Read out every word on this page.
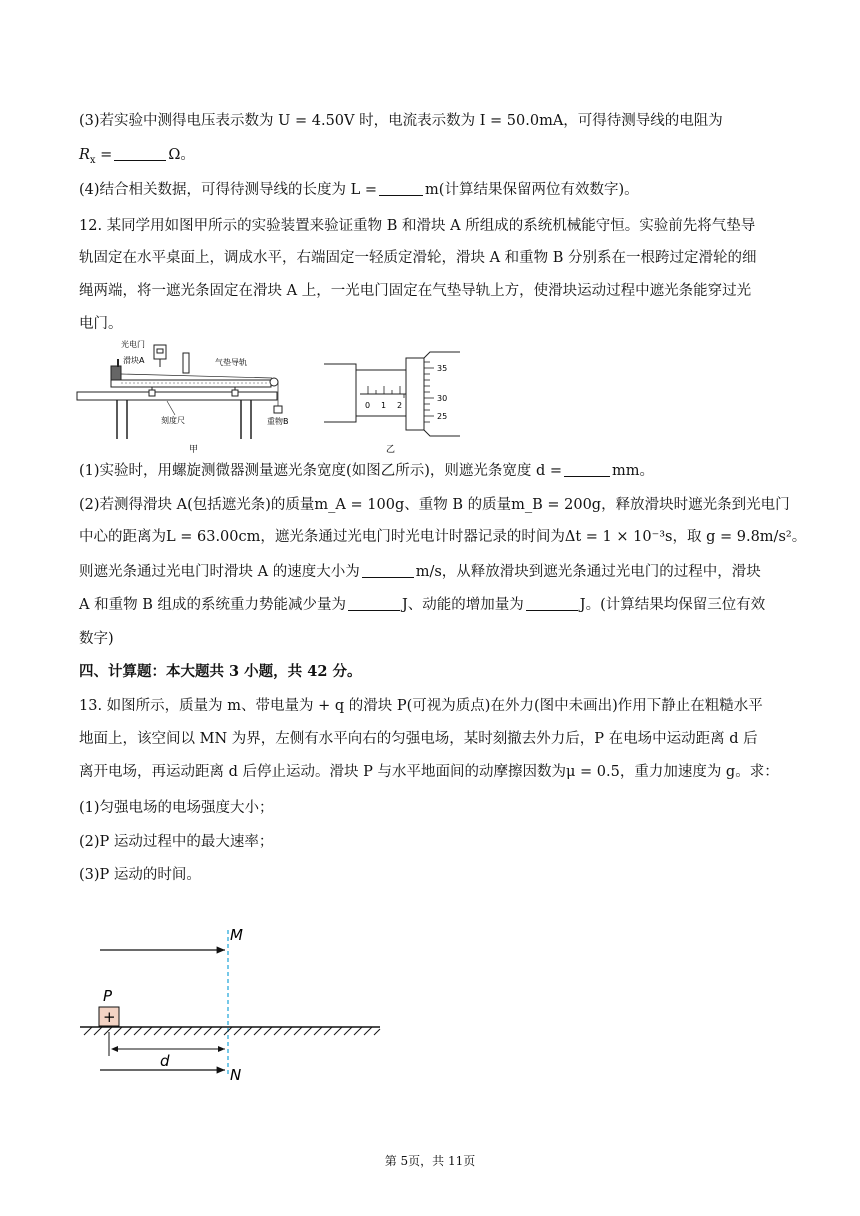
(3)若实验中测得电压表示数为 U = 4.50V 时，电流表示数为 I = 50.0mA，可得待测导线的电阻为
$R_x$ =	Ω。
(4)结合相关数据，可得待测导线的长度为 L =	m(计算结果保留两位有效数字)。
12. 某同学用如图甲所示的实验装置来验证重物 B 和滑块 A 所组成的系统机械能守恒。实验前先将气垫导
轨固定在水平桌面上，调成水平，右端固定一轻质定滑轮，滑块 A 和重物 B 分别系在一根跨过定滑轮的细
绳两端，将一遮光条固定在滑块 A 上，一光电门固定在气垫导轨上方，使滑块运动过程中遮光条能穿过光
电门。
光电门
滑块A	气垫导轨
刻度尺	重物B
甲
0 1 2
35
30
25
乙
(1)实验时，用螺旋测微器测量遮光条宽度(如图乙所示)，则遮光条宽度 d =	mm。
(2)若测得滑块 A(包括遮光条)的质量m_A = 100g、重物 B 的质量m_B = 200g，释放滑块时遮光条到光电门
中心的距离为L = 63.00cm，遮光条通过光电门时光电计时器记录的时间为Δt = 1 × 10⁻³s，取 g = 9.8m/s²。
则遮光条通过光电门时滑块 A 的速度大小为	m/s，从释放滑块到遮光条通过光电门的过程中，滑块
A 和重物 B 组成的系统重力势能减少量为	J、动能的增加量为	J。(计算结果均保留三位有效
数字)
四、计算题：本大题共 3 小题，共 42 分。
13. 如图所示，质量为 m、带电量为 + q 的滑块 P(可视为质点)在外力(图中未画出)作用下静止在粗糙水平
地面上，该空间以 MN 为界，左侧有水平向右的匀强电场，某时刻撤去外力后，P 在电场中运动距离 d 后
离开电场，再运动距离 d 后停止运动。滑块 P 与水平地面间的动摩擦因数为μ = 0.5，重力加速度为 g。求：
(1)匀强电场的电场强度大小；
(2)P 运动过程中的最大速率；
(3)P 运动的时间。
M
N
P
+
d
第 5页，共 11页
